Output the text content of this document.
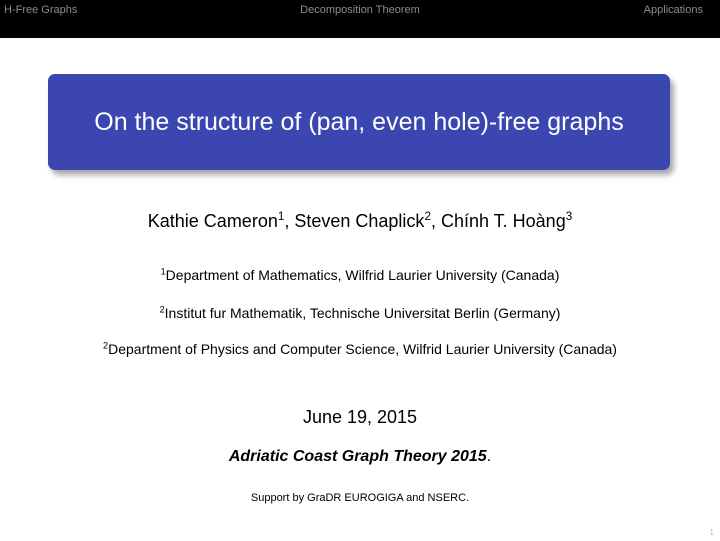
H-Free Graphs	Decomposition Theorem	Applications
On the structure of (pan, even hole)-free graphs
Kathie Cameron$^1$, Steven Chaplick$^2$, Chính T. Hoàng$^3$
$^1$Department of Mathematics, Wilfrid Laurier University (Canada)
$^2$Institut fur Mathematik, Technische Universitat Berlin (Germany)
$^2$Department of Physics and Computer Science, Wilfrid Laurier University (Canada)
June 19, 2015
Adriatic Coast Graph Theory 2015.
Support by GraDR EUROGIGA and NSERC.
1
